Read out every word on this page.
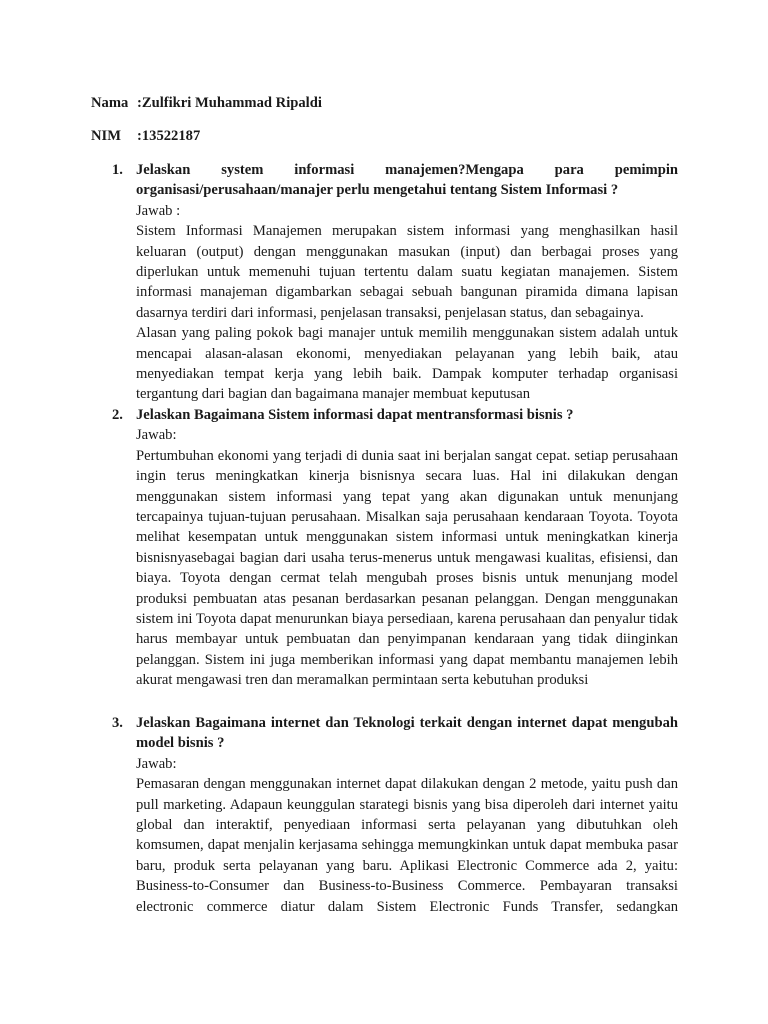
Nama :Zulfikri Muhammad Ripaldi
NIM :13522187
1. Jelaskan system informasi manajemen?Mengapa para pemimpin organisasi/perusahaan/manajer perlu mengetahui tentang Sistem Informasi ?

Jawab :

Sistem Informasi Manajemen merupakan sistem informasi yang menghasilkan hasil keluaran (output) dengan menggunakan masukan (input) dan berbagai proses yang diperlukan untuk memenuhi tujuan tertentu dalam suatu kegiatan manajemen. Sistem informasi manajeman digambarkan sebagai sebuah bangunan piramida dimana lapisan dasarnya terdiri dari informasi, penjelasan transaksi, penjelasan status, dan sebagainya.

Alasan yang paling pokok bagi manajer untuk memilih menggunakan sistem adalah untuk mencapai alasan-alasan ekonomi, menyediakan pelayanan yang lebih baik, atau menyediakan tempat kerja yang lebih baik. Dampak komputer terhadap organisasi tergantung dari bagian dan bagaimana manajer membuat keputusan

2. Jelaskan Bagaimana Sistem informasi dapat mentransformasi bisnis ?

Jawab:

Pertumbuhan ekonomi yang terjadi di dunia saat ini berjalan sangat cepat. setiap perusahaan ingin terus meningkatkan kinerja bisnisnya secara luas. Hal ini dilakukan dengan menggunakan sistem informasi yang tepat yang akan digunakan untuk menunjang tercapainya tujuan-tujuan perusahaan. Misalkan saja perusahaan kendaraan Toyota. Toyota melihat kesempatan untuk menggunakan sistem informasi untuk meningkatkan kinerja bisnisnyasebagai bagian dari usaha terus-menerus untuk mengawasi kualitas, efisiensi, dan biaya. Toyota dengan cermat telah mengubah proses bisnis untuk menunjang model produksi pembuatan atas pesanan berdasarkan pesanan pelanggan. Dengan menggunakan sistem ini Toyota dapat menurunkan biaya persediaan, karena perusahaan dan penyalur tidak harus membayar untuk pembuatan dan penyimpanan kendaraan yang tidak diinginkan pelanggan. Sistem ini juga memberikan informasi yang dapat membantu manajemen lebih akurat mengawasi tren dan meramalkan permintaan serta kebutuhan produksi

3. Jelaskan Bagaimana internet dan Teknologi terkait dengan internet dapat mengubah model bisnis ?

Jawab:

Pemasaran dengan menggunakan internet dapat dilakukan dengan 2 metode, yaitu push dan pull marketing. Adapaun keunggulan starategi bisnis yang bisa diperoleh dari internet yaitu global dan interaktif, penyediaan informasi serta pelayanan yang dibutuhkan oleh komsumen, dapat menjalin kerjasama sehingga memungkinkan untuk dapat membuka pasar baru, produk serta pelayanan yang baru. Aplikasi Electronic Commerce ada 2, yaitu: Business-to-Consumer dan Business-to-Business Commerce. Pembayaran transaksi electronic commerce diatur dalam Sistem Electronic Funds Transfer, sedangkan
